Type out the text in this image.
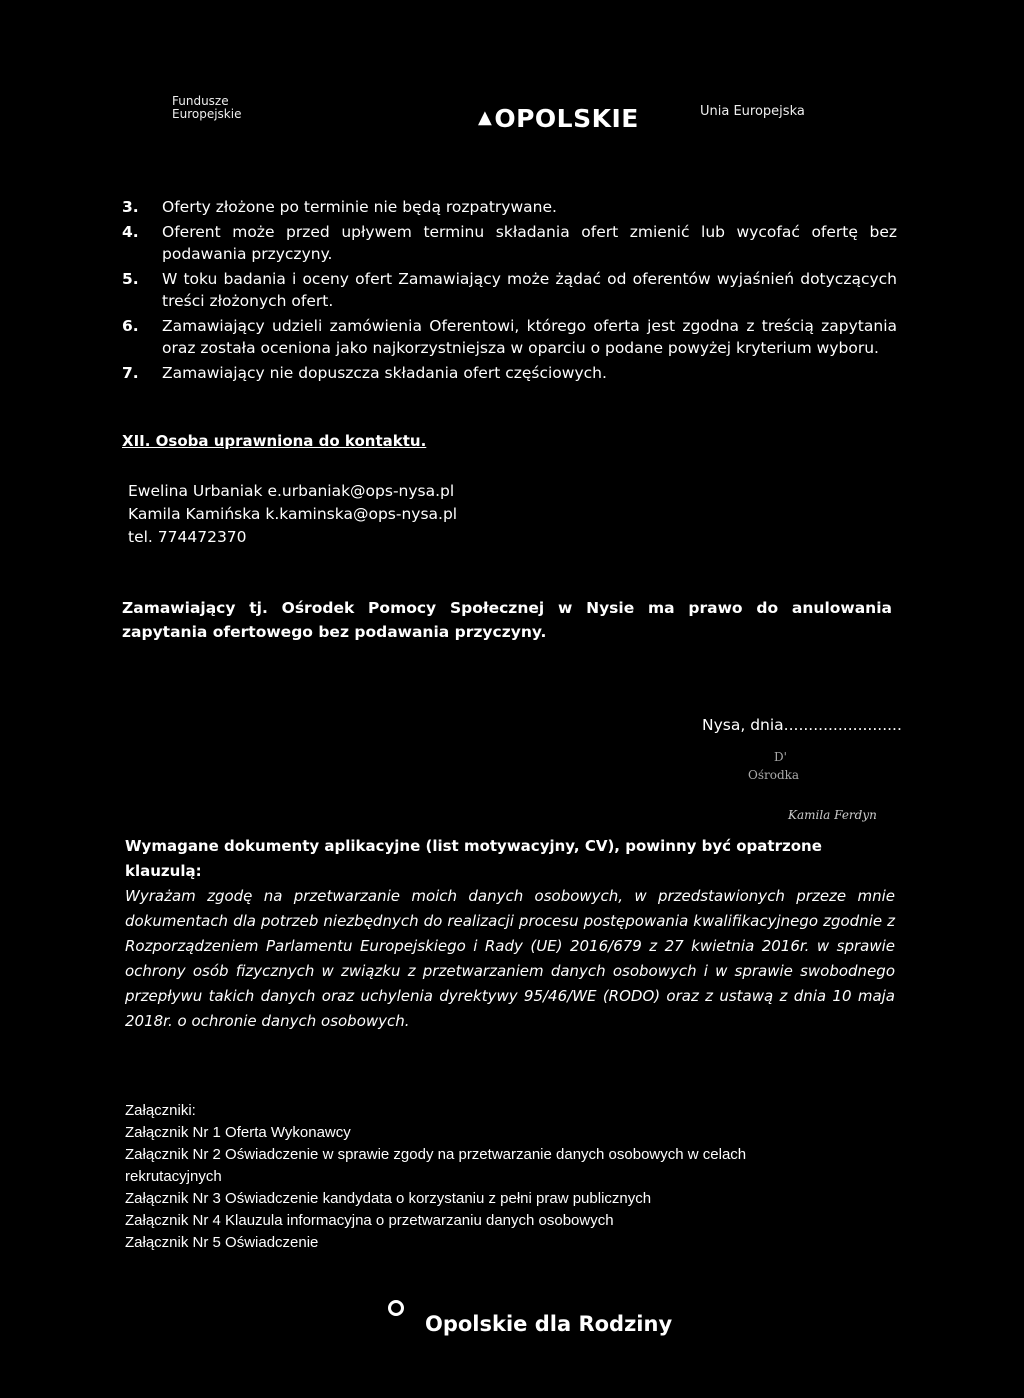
Fundusze
Europejskie	▲OPOLSKIE	Unia Europejska
3.	Oferty złożone po terminie nie będą rozpatrywane.
4.	Oferent może przed upływem terminu składania ofert zmienić lub wycofać ofertę bez podawania przyczyny.
5.	W toku badania i oceny ofert Zamawiający może żądać od oferentów wyjaśnień dotyczących treści złożonych ofert.
6.	Zamawiający udzieli zamówienia Oferentowi, którego oferta jest zgodna z treścią zapytania oraz została oceniona jako najkorzystniejsza w oparciu o podane powyżej kryterium wyboru.
7.	Zamawiający nie dopuszcza składania ofert częściowych.
XII. Osoba uprawniona do kontaktu.
Ewelina Urbaniak e.urbaniak@ops-nysa.pl
Kamila Kamińska k.kaminska@ops-nysa.pl
tel. 774472370
Zamawiający tj. Ośrodek Pomocy Społecznej w Nysie ma prawo do anulowania zapytania ofertowego bez podawania przyczyny.
Nysa, dnia........................
D'
Ośrodka
Kamila Ferdyn
Wymagane dokumenty aplikacyjne (list motywacyjny, CV), powinny być opatrzone klauzulą:
Wyrażam zgodę na przetwarzanie moich danych osobowych, w przedstawionych przeze mnie dokumentach dla potrzeb niezbędnych do realizacji procesu postępowania kwalifikacyjnego zgodnie z Rozporządzeniem Parlamentu Europejskiego i Rady (UE) 2016/679 z 27 kwietnia 2016r. w sprawie ochrony osób fizycznych w związku z przetwarzaniem danych osobowych i w sprawie swobodnego przepływu takich danych oraz uchylenia dyrektywy 95/46/WE (RODO) oraz z ustawą z dnia 10 maja 2018r. o ochronie danych osobowych.
Załączniki:
Załącznik Nr 1 Oferta Wykonawcy
Załącznik Nr 2 Oświadczenie w sprawie zgody na przetwarzanie danych osobowych w celach rekrutacyjnych
Załącznik Nr 3 Oświadczenie kandydata o korzystaniu z pełni praw publicznych
Załącznik Nr 4 Klauzula informacyjna o przetwarzaniu danych osobowych
Załącznik Nr 5 Oświadczenie
Opolskie dla Rodziny
